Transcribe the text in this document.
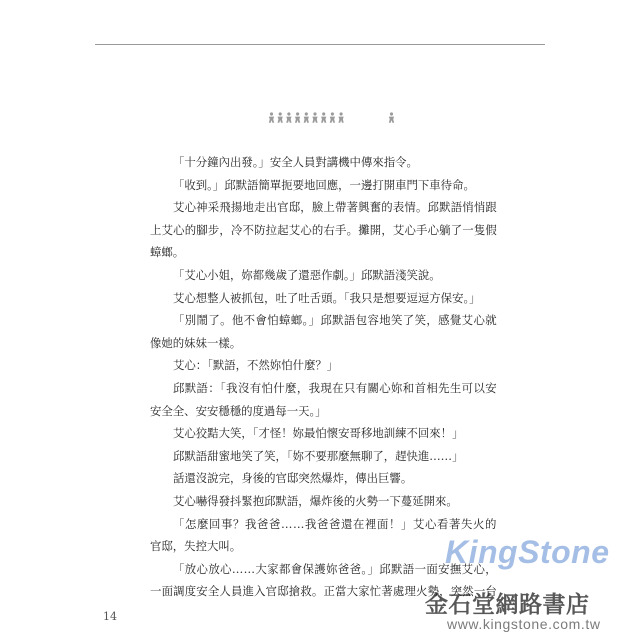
「十分鐘內出發。」安全人員對講機中傳來指令。
「收到。」邱默語簡單扼要地回應，一邊打開車門下車待命。
艾心神采飛揚地走出官邸，臉上帶著興奮的表情。邱默語悄悄跟
上艾心的腳步，冷不防拉起艾心的右手。攤開，艾心手心躺了一隻假
蟑螂。
「艾心小姐，妳都幾歲了還惡作劇。」邱默語淺笑說。
艾心想整人被抓包，吐了吐舌頭。「我只是想要逗逗方保安。」
「別鬧了。他不會怕蟑螂。」邱默語包容地笑了笑，感覺艾心就
像她的妹妹一樣。
艾心：「默語，不然妳怕什麼？」
邱默語：「我沒有怕什麼，我現在只有關心妳和首相先生可以安
安全全、安安穩穩的度過每一天。」
艾心狡黠大笑，「才怪！妳最怕懷安哥移地訓練不回來！」
邱默語甜蜜地笑了笑，「妳不要那麼無聊了，趕快進……」
話還沒說完，身後的官邸突然爆炸，傳出巨響。
艾心嚇得發抖緊抱邱默語，爆炸後的火勢一下蔓延開來。
「怎麼回事？我爸爸……我爸爸還在裡面！」艾心看著失火的
官邸，失控大叫。
「放心放心……大家都會保護妳爸爸。」邱默語一面安撫艾心，
一面調度安全人員進入官邸搶救。正當大家忙著處理火勢，突然一台
14
KingStone
金石堂網路書店
www.kingstone.com.tw
